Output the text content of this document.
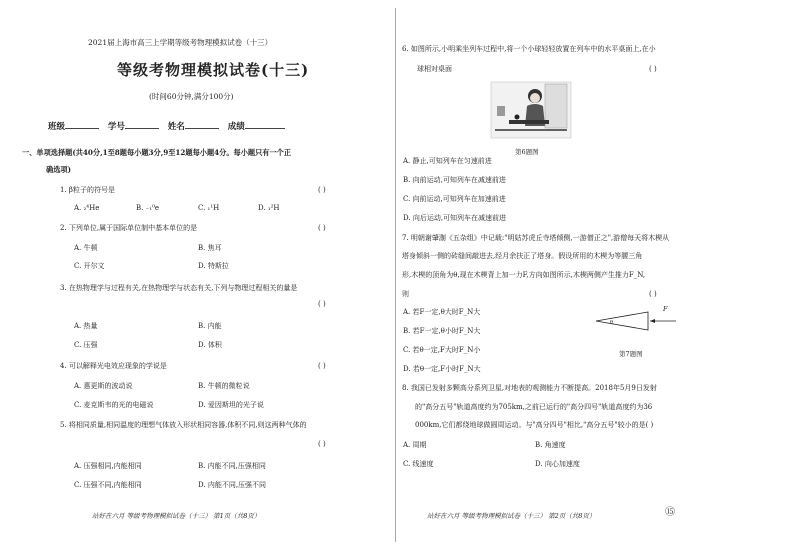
2021届上海市高三上学期等级考物理模拟试卷（十三）
等级考物理模拟试卷(十三)
(时间60分钟,满分100分)
班级	学号	姓名	成绩
一、单项选择题(共40分,1至8题每小题3分,9至12题每小题4分。每小题只有一个正
确选项)
1. β粒子的符号是	( )
A. ₂⁴He	B. ₋₁⁰e	C. ₁¹H	D. ₁²H
2. 下列单位,属于国际单位制中基本单位的是	( )
A. 牛顿	B. 焦耳
C. 开尔文	D. 特斯拉
3. 在热物理学与过程有关,在热物理学与状态有关,下列与物理过程相关的量是
( )
A. 热量	B. 内能
C. 压强	D. 体积
4. 可以解释光电效应现象的学说是	( )
A. 惠更斯的波动说	B. 牛顿的微粒说
C. 麦克斯韦的光的电磁说	D. 爱因斯坦的光子说
5. 将相同质量,相同温度的理想气体放入形状相同容器,体积不同,则这两种气体的
( )
A. 压强相同,内能相同	B. 内能不同,压强相同
C. 压强不同,内能相同	D. 内能不同,压强不同
站好在六月 等级考物理模拟试卷（十三） 第1页（共8页）
6. 如图所示,小明乘坐列车过程中,将一个小球轻轻放置在列车中的水平桌面上,在小
球相对桌面	( )
第6题图
A. 静止,可知列车在匀速前进
B. 向前运动,可知列车在减速前进
C. 向前运动,可知列车在加速前进
D. 向后运动,可知列车在减速前进
7. 明朝谢肇淛《五杂组》中记载:"明姑苏虎丘寺塔倾侧,一游僧正之",游僧每天将木楔从
塔身倾斜一侧的砖缝间敲进去,经月余扶正了塔身。假设所用的木楔为等腰三角
形,木楔的顶角为θ,现在木楔背上加一力F,方向如图所示,木楔两侧产生推力F_N,
则	( )
A. 若F一定,θ大时F_N大
B. 若F一定,θ小时F_N大
C. 若θ一定,F大时F_N小
D. 若θ一定,F小时F_N大
θ
F
第7题图
8. 我国已发射多颗高分系列卫星,对地表的观测能力不断提高。2018年5月9日发射
的"高分五号"轨道高度约为705km,之前已运行的"高分四号"轨道高度约为36
000km,它们都绕地球做圆周运动。与"高分四号"相比,"高分五号"较小的是( )
A. 周期	B. 角速度
C. 线速度	D. 向心加速度
站好在六月 等级考物理模拟试卷（十三） 第2页（共8页）	⑮
